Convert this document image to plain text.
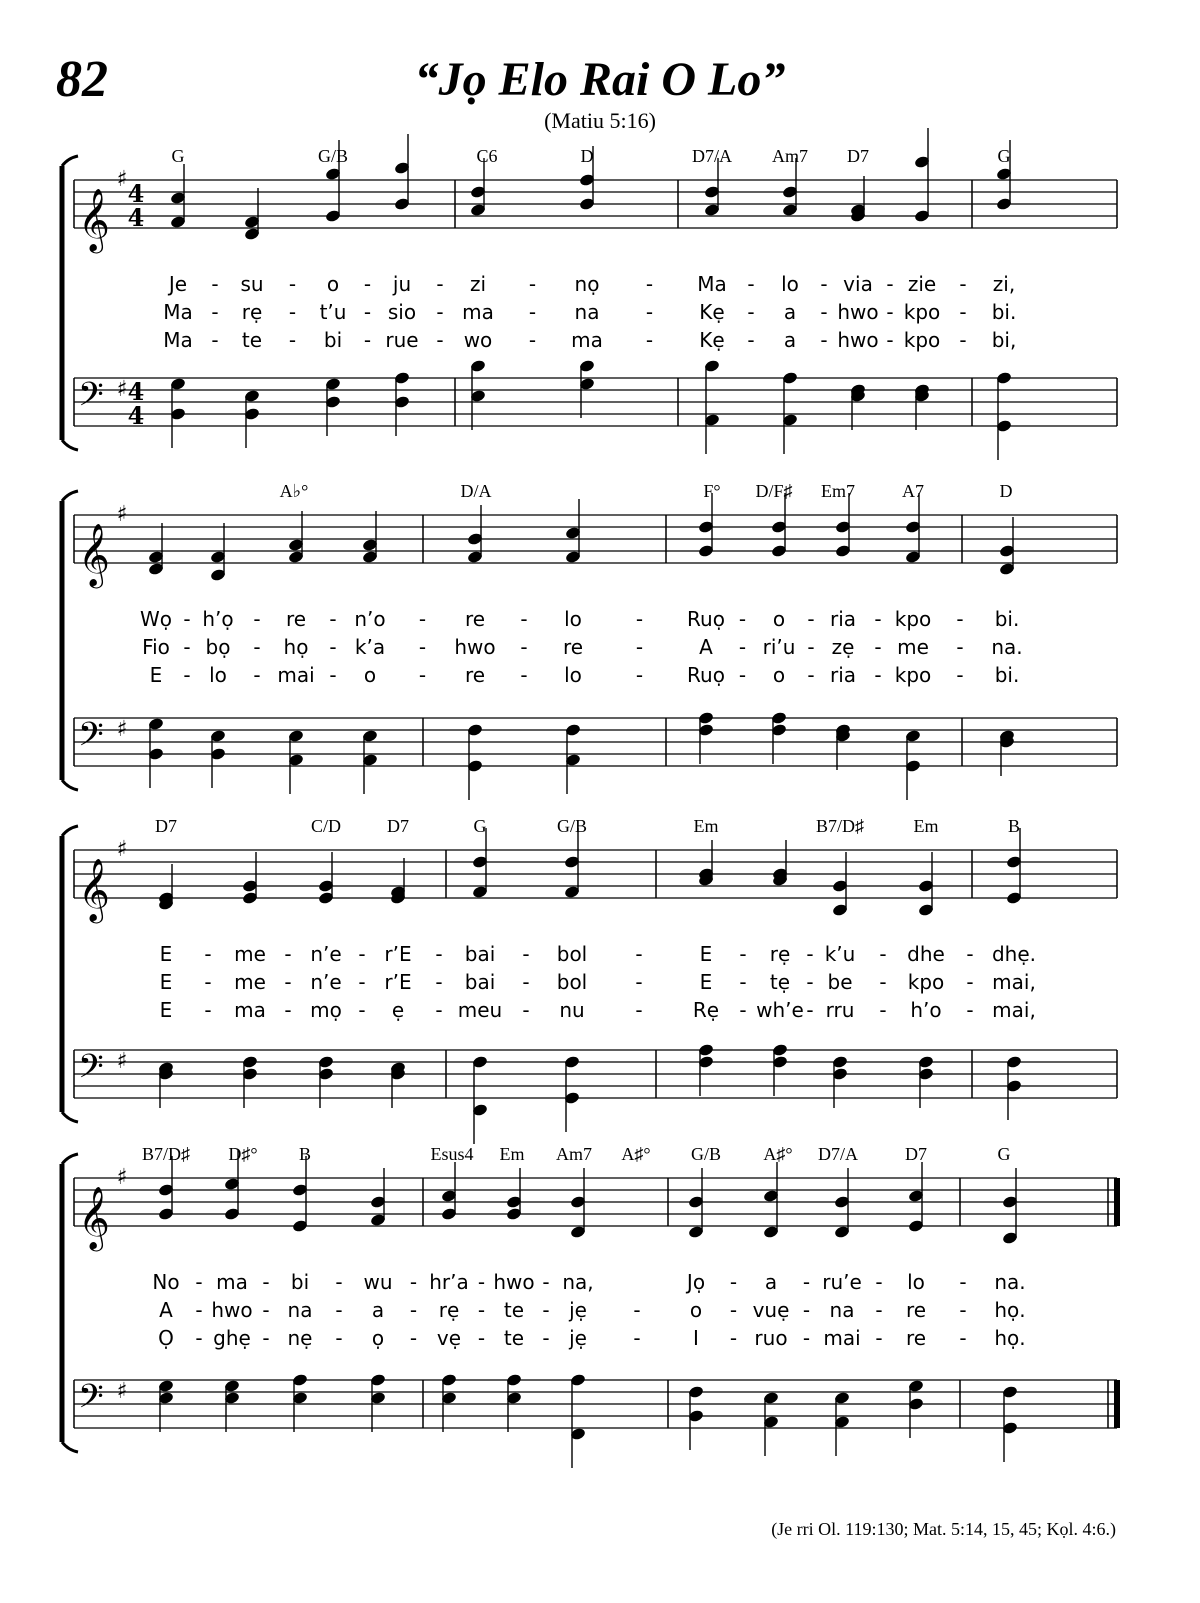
82	“Jọ Elo Rai O Lo”
(Matiu 5:16)
𝄞
𝄢
♯
♯
4
4
4
4
𝄞
𝄢
♯
♯
𝄞
𝄢
♯
♯
𝄞
𝄢
♯
♯
G	G/B	C6	D	D7/A Am7 D7	G
Je - su - o - ju - zi - nọ - Ma - lo - via - zie - zi,
Ma - rẹ - t’u - sio - ma - na - Kẹ - a - hwo - kpo - bi.
Ma - te - bi - rue - wo - ma - Kẹ - a - hwo - kpo - bi,
A♭°	D/A	F° D/F♯ Em7	A7	D
Wọ - h’ọ - re - n’o - re - lo	- Ruọ - o - ria - kpo - bi.
Fio - bọ - họ - k’a - hwo - re	-	A - ri’u - zẹ - me - na.
E - lo - mai - o - re - lo	- Ruọ - o - ria - kpo - bi.
D7	C/D	D7	G	G/B	Em	B7/D♯	Em	B
E - me - n’e - r’E - bai - bol -	E - rẹ - k’u - dhe - dhẹ.
E - me - n’e - r’E - bai - bol -	E - tẹ - be - kpo - mai,
E - ma - mọ - ẹ - meu - nu	-	Rẹ - wh’e - rru - h’o - mai,
B7/D♯ D♯° B	Esus4 Em Am7 A♯° G/B A♯° D7/A	D7	G
No - ma - bi - wu - hr’a - hwo - na,	Jọ - a - ru’e - lo - na.
A - hwo - na - a - rẹ - te - jẹ - o - vuẹ - na - re - họ.
Ọ - ghẹ - nẹ - ọ - vẹ - te - jẹ -	I - ruo - mai - re - họ.
(Je rri Ol. 119:130; Mat. 5:14, 15, 45; Kọl. 4:6.)
